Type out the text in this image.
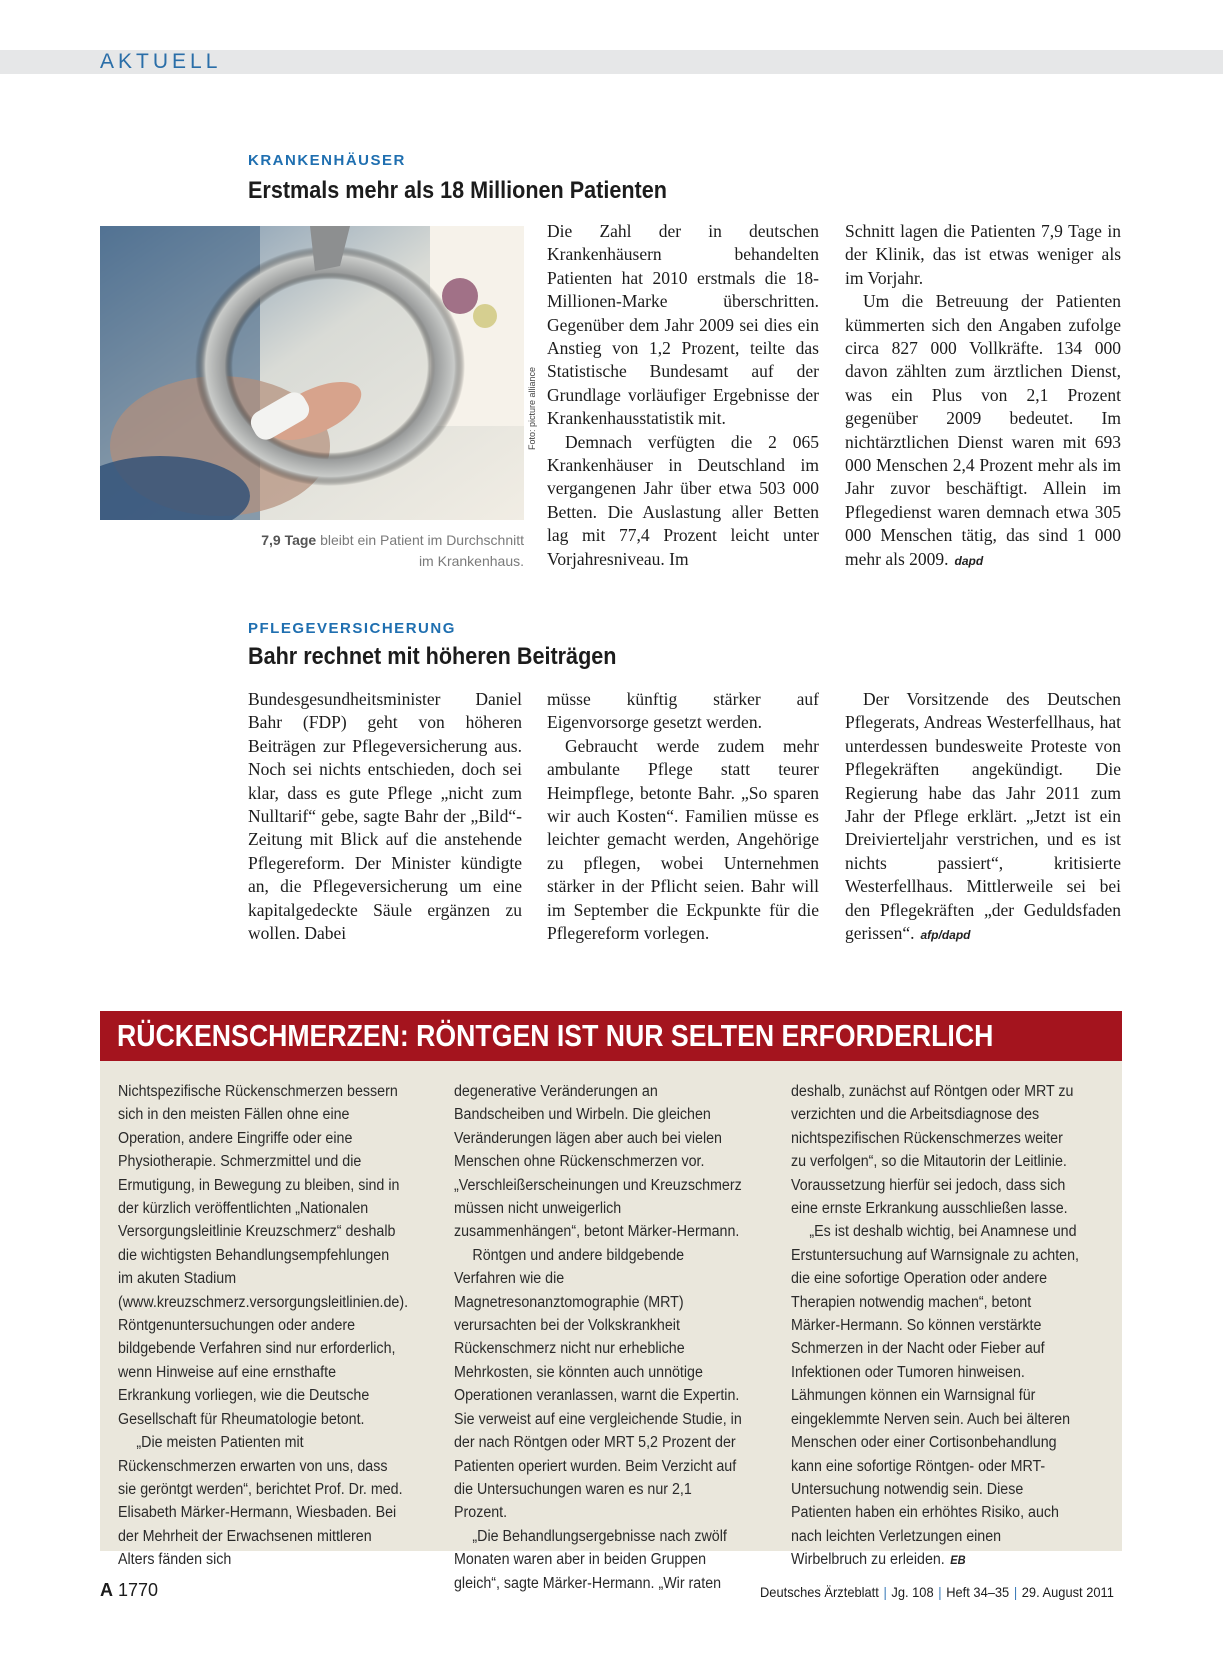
AKTUELL
KRANKENHÄUSER
Erstmals mehr als 18 Millionen Patienten
Foto: picture alliance
7,9 Tage bleibt ein Patient im Durchschnitt im Krankenhaus.

Die Zahl der in deutschen Krankenhäusern behandelten Patienten hat 2010 erstmals die 18-Millionen-Marke überschritten. Gegenüber dem Jahr 2009 sei dies ein Anstieg von 1,2 Prozent, teilte das Statistische Bundesamt auf der Grundlage vorläufiger Ergebnisse der Krankenhausstatistik mit.

Demnach verfügten die 2 065 Krankenhäuser in Deutschland im vergangenen Jahr über etwa 503 000 Betten. Die Auslastung aller Betten lag mit 77,4 Prozent leicht unter Vorjahresniveau. Im

Schnitt lagen die Patienten 7,9 Tage in der Klinik, das ist etwas weniger als im Vorjahr.

Um die Betreuung der Patienten kümmerten sich den Angaben zufolge circa 827 000 Vollkräfte. 134 000 davon zählten zum ärztlichen Dienst, was ein Plus von 2,1 Prozent gegenüber 2009 bedeutet. Im nichtärztlichen Dienst waren mit 693 000 Menschen 2,4 Prozent mehr als im Jahr zuvor beschäftigt. Allein im Pflegedienst waren demnach etwa 305 000 Menschen tätig, das sind 1 000 mehr als 2009. dapd

PFLEGEVERSICHERUNG
Bahr rechnet mit höheren Beiträgen

Bundesgesundheitsminister Daniel Bahr (FDP) geht von höheren Beiträgen zur Pflegeversicherung aus. Noch sei nichts entschieden, doch sei klar, dass es gute Pflege „nicht zum Nulltarif“ gebe, sagte Bahr der „Bild“-Zeitung mit Blick auf die anstehende Pflegereform. Der Minister kündigte an, die Pflegeversicherung um eine kapitalgedeckte Säule ergänzen zu wollen. Dabei

müsse künftig stärker auf Eigenvorsorge gesetzt werden.

Gebraucht werde zudem mehr ambulante Pflege statt teurer Heimpflege, betonte Bahr. „So sparen wir auch Kosten“. Familien müsse es leichter gemacht werden, Angehörige zu pflegen, wobei Unternehmen stärker in der Pflicht seien. Bahr will im September die Eckpunkte für die Pflegereform vorlegen.

Der Vorsitzende des Deutschen Pflegerats, Andreas Westerfellhaus, hat unterdessen bundesweite Proteste von Pflegekräften angekündigt. Die Regierung habe das Jahr 2011 zum Jahr der Pflege erklärt. „Jetzt ist ein Dreivierteljahr verstrichen, und es ist nichts passiert“, kritisierte Westerfellhaus. Mittlerweile sei bei den Pflegekräften „der Geduldsfaden gerissen“. afp/dapd

RÜCKENSCHMERZEN: RÖNTGEN IST NUR SELTEN ERFORDERLICH

Nichtspezifische Rückenschmerzen bessern sich in den meisten Fällen ohne eine Operation, andere Eingriffe oder eine Physiotherapie. Schmerzmittel und die Ermutigung, in Bewegung zu bleiben, sind in der kürzlich veröffentlichten „Nationalen Versorgungsleitlinie Kreuzschmerz“ deshalb die wichtigsten Behandlungsempfehlungen im akuten Stadium (www.kreuzschmerz.versorgungsleitlinien.de). Röntgenuntersuchungen oder andere bildgebende Verfahren sind nur erforderlich, wenn Hinweise auf eine ernsthafte Erkrankung vorliegen, wie die Deutsche Gesellschaft für Rheumatologie betont.

„Die meisten Patienten mit Rückenschmerzen erwarten von uns, dass sie geröntgt werden“, berichtet Prof. Dr. med. Elisabeth Märker-Hermann, Wiesbaden. Bei der Mehrheit der Erwachsenen mittleren Alters fänden sich

degenerative Veränderungen an Bandscheiben und Wirbeln. Die gleichen Veränderungen lägen aber auch bei vielen Menschen ohne Rückenschmerzen vor. „Verschleißerscheinungen und Kreuzschmerz müssen nicht unweigerlich zusammenhängen“, betont Märker-Hermann.

Röntgen und andere bildgebende Verfahren wie die Magnetresonanztomographie (MRT) verursachten bei der Volkskrankheit Rückenschmerz nicht nur erhebliche Mehrkosten, sie könnten auch unnötige Operationen veranlassen, warnt die Expertin. Sie verweist auf eine vergleichende Studie, in der nach Röntgen oder MRT 5,2 Prozent der Patienten operiert wurden. Beim Verzicht auf die Untersuchungen waren es nur 2,1 Prozent.

„Die Behandlungsergebnisse nach zwölf Monaten waren aber in beiden Gruppen gleich“, sagte Märker-Hermann. „Wir raten

deshalb, zunächst auf Röntgen oder MRT zu verzichten und die Arbeitsdiagnose des nichtspezifischen Rückenschmerzes weiter zu verfolgen“, so die Mitautorin der Leitlinie. Voraussetzung hierfür sei jedoch, dass sich eine ernste Erkrankung ausschließen lasse.

„Es ist deshalb wichtig, bei Anamnese und Erstuntersuchung auf Warnsignale zu achten, die eine sofortige Operation oder andere Therapien notwendig machen“, betont Märker-Hermann. So können verstärkte Schmerzen in der Nacht oder Fieber auf Infektionen oder Tumoren hinweisen. Lähmungen können ein Warnsignal für eingeklemmte Nerven sein. Auch bei älteren Menschen oder einer Cortisonbehandlung kann eine sofortige Röntgen- oder MRT-Untersuchung notwendig sein. Diese Patienten haben ein erhöhtes Risiko, auch nach leichten Verletzungen einen Wirbelbruch zu erleiden. EB

A 1770	Deutsches Ärzteblatt | Jg. 108 | Heft 34–35 | 29. August 2011
